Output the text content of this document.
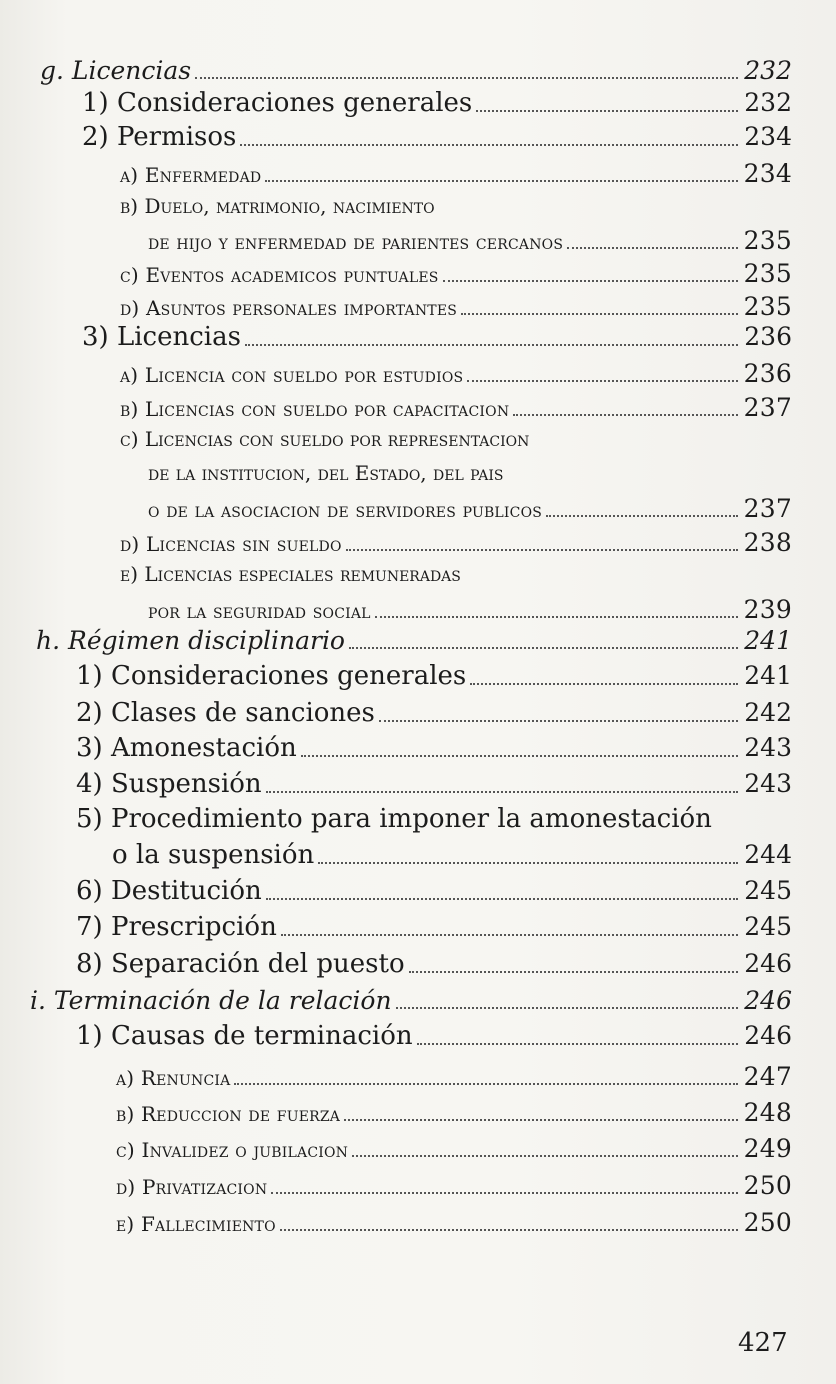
g. Licencias	232
1) Consideraciones generales	232
2) Permisos	234
a) Enfermedad	234
b) Duelo, matrimonio, nacimiento
de hijo y enfermedad de parientes cercanos	235
c) Eventos academicos puntuales	235
d) Asuntos personales importantes	235
3) Licencias	236
a) Licencia con sueldo por estudios	236
b) Licencias con sueldo por capacitacion	237
c) Licencias con sueldo por representacion
de la institucion, del Estado, del pais
o de la asociacion de servidores publicos	237
d) Licencias sin sueldo	238
e) Licencias especiales remuneradas
por la seguridad social	239
h. Régimen disciplinario	241
1) Consideraciones generales	241
2) Clases de sanciones	242
3) Amonestación	243
4) Suspensión	243
5) Procedimiento para imponer la amonestación
o la suspensión	244
6) Destitución	245
7) Prescripción	245
8) Separación del puesto	246
i. Terminación de la relación	246
1) Causas de terminación	246
a) Renuncia	247
b) Reduccion de fuerza	248
c) Invalidez o jubilacion	249
d) Privatizacion	250
e) Fallecimiento	250
427
